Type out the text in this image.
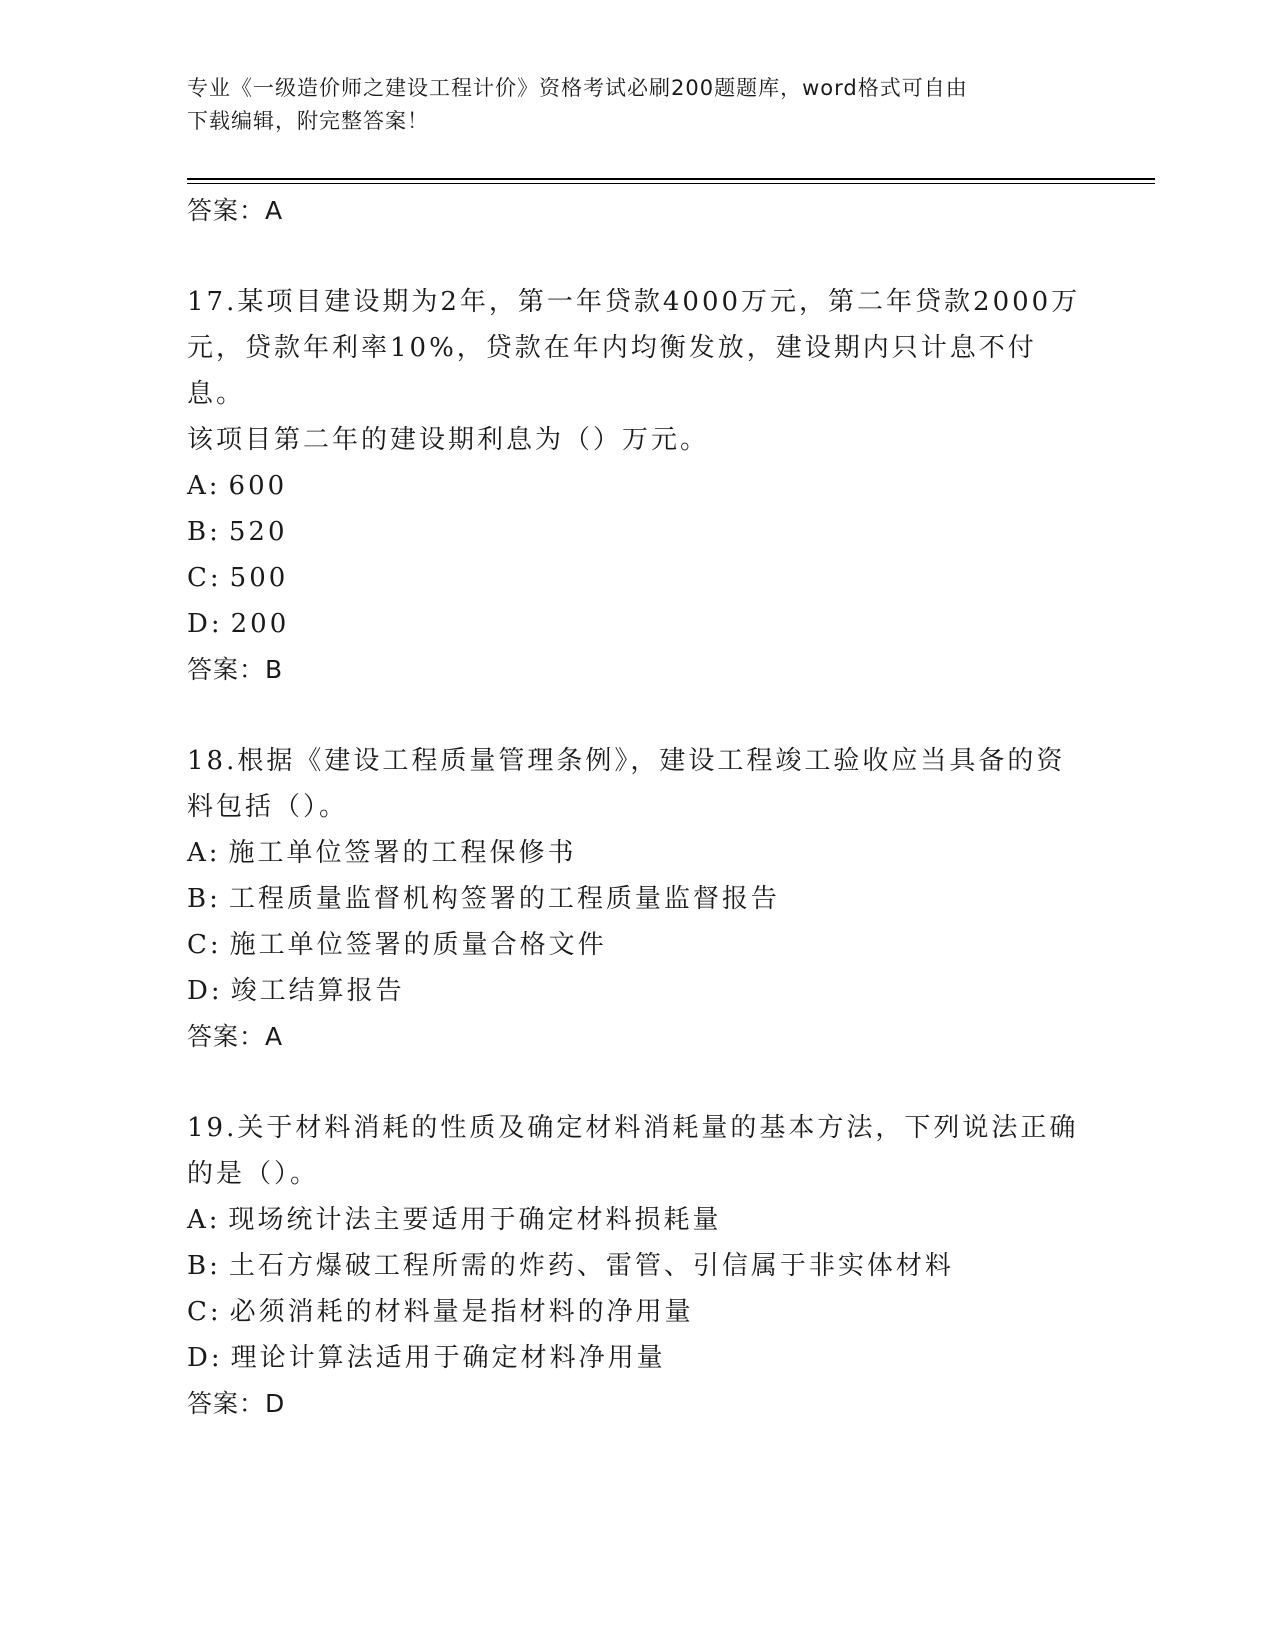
专业《一级造价师之建设工程计价》资格考试必刷200题题库，word格式可自由
下载编辑，附完整答案！
答案：A
17.某项目建设期为2年，第一年贷款4000万元，第二年贷款2000万
元，贷款年利率10%，贷款在年内均衡发放，建设期内只计息不付息。
该项目第二年的建设期利息为（）万元。
A: 600
B: 520
C: 500
D: 200
答案：B
18.根据《建设工程质量管理条例》，建设工程竣工验收应当具备的资
料包括（）。
A: 施工单位签署的工程保修书
B: 工程质量监督机构签署的工程质量监督报告
C: 施工单位签署的质量合格文件
D: 竣工结算报告
答案：A
19.关于材料消耗的性质及确定材料消耗量的基本方法，下列说法正确
的是（）。
A: 现场统计法主要适用于确定材料损耗量
B: 土石方爆破工程所需的炸药、雷管、引信属于非实体材料
C: 必须消耗的材料量是指材料的净用量
D: 理论计算法适用于确定材料净用量
答案：D
